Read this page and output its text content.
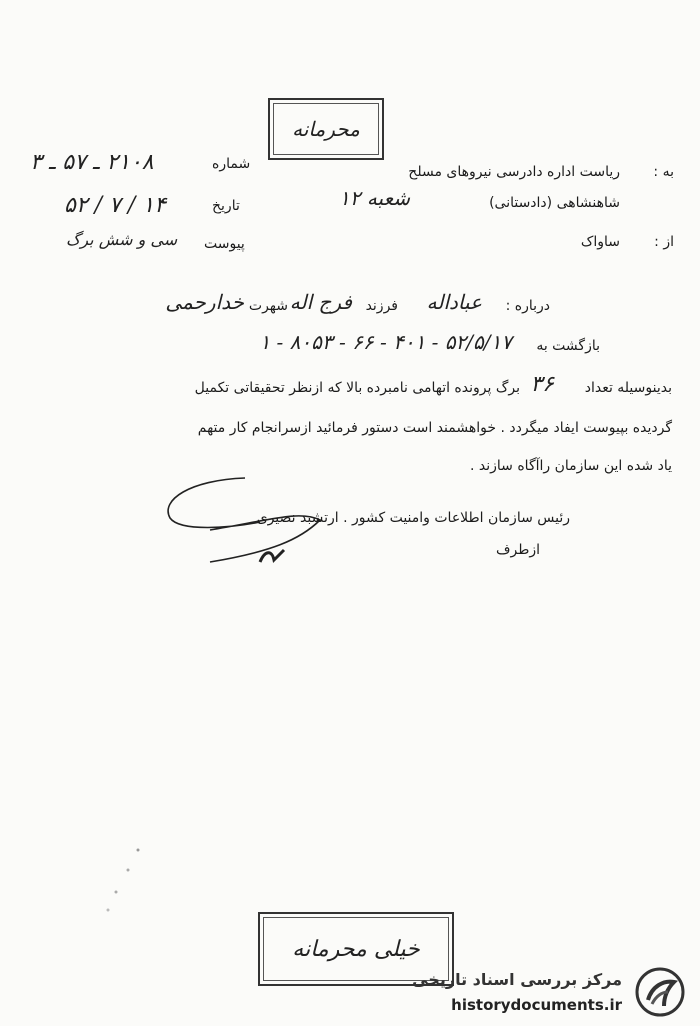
محرمانه
به :
ریاست اداره دادرسی نیروهای مسلح
شاهنشاهی (دادستانی)
شعبه ۱۲
از :
ساواک
شماره
۲۱۰۸ ـ ۵۷ ـ ۳
تاریخ
۱۴ / ۷ / ۵۲
پیوست
سی و شش برگ
درباره :
عباداله
فرزند
فرج اله
شهرت
خدارحمی
بازگشت به
۵۲/۵/۱۷ - ۴۰۱ - ۶۶ - ۸۰۵۳ - ۱
بدینوسیله تعداد
۳۶
برگ پرونده اتهامی نامبرده بالا که ازنظر تحقیقاتی تکمیل
گردیده بپیوست ایفاد میگردد . خواهشمند است دستور فرمائید ازسرانجام کار متهم
یاد شده این سازمان راآگاه سازند .
رئیس سازمان اطلاعات وامنیت کشور . ارتشبد نصیری
ازطرف
خیلی محرمانه
مرکز بررسی اسناد تاریخی
historydocuments.ir
